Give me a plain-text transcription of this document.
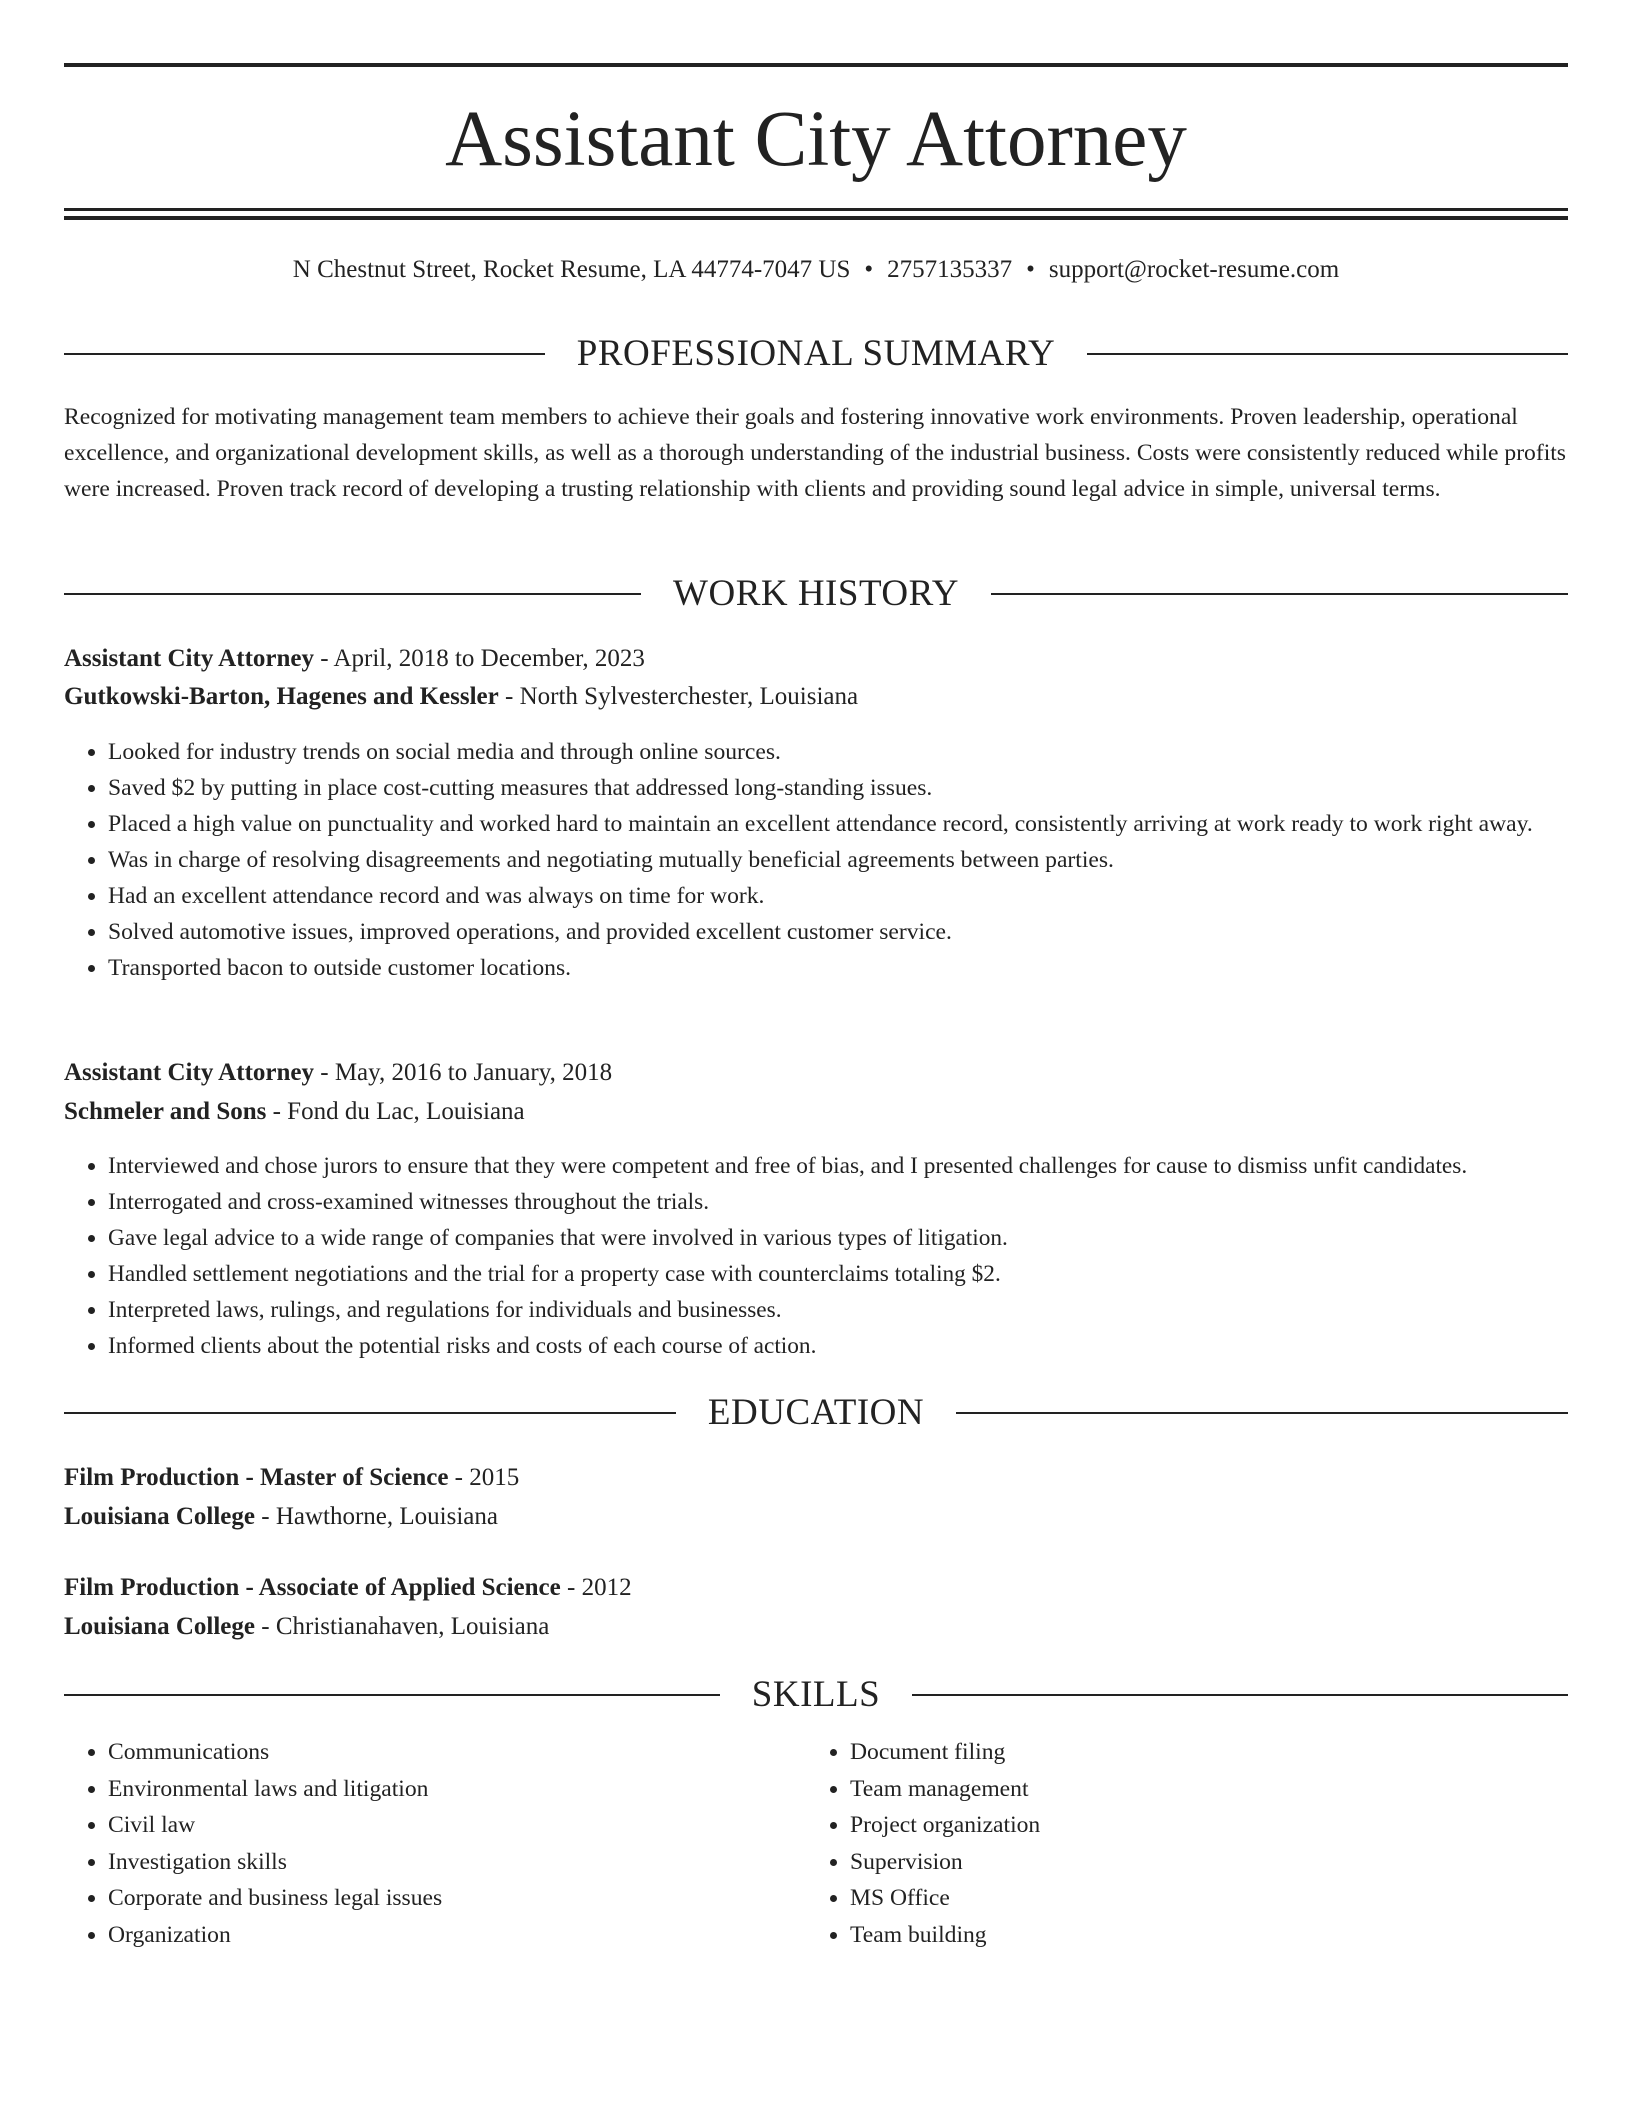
Assistant City Attorney
N Chestnut Street, Rocket Resume, LA 44774-7047 US • 2757135337 • support@rocket-resume.com
PROFESSIONAL SUMMARY

Recognized for motivating management team members to achieve their goals and fostering innovative work environments. Proven leadership, operational excellence, and organizational development skills, as well as a thorough understanding of the industrial business. Costs were consistently reduced while profits were increased. Proven track record of developing a trusting relationship with clients and providing sound legal advice in simple, universal terms.

WORK HISTORY
Assistant City Attorney - April, 2018 to December, 2023
Gutkowski-Barton, Hagenes and Kessler - North Sylvesterchester, Louisiana
• Looked for industry trends on social media and through online sources.
• Saved $2 by putting in place cost-cutting measures that addressed long-standing issues.
• Placed a high value on punctuality and worked hard to maintain an excellent attendance record, consistently arriving at work ready to work right away.
• Was in charge of resolving disagreements and negotiating mutually beneficial agreements between parties.
• Had an excellent attendance record and was always on time for work.
• Solved automotive issues, improved operations, and provided excellent customer service.
• Transported bacon to outside customer locations.
Assistant City Attorney - May, 2016 to January, 2018
Schmeler and Sons - Fond du Lac, Louisiana
• Interviewed and chose jurors to ensure that they were competent and free of bias, and I presented challenges for cause to dismiss unfit candidates.
• Interrogated and cross-examined witnesses throughout the trials.
• Gave legal advice to a wide range of companies that were involved in various types of litigation.
• Handled settlement negotiations and the trial for a property case with counterclaims totaling $2.
• Interpreted laws, rulings, and regulations for individuals and businesses.
• Informed clients about the potential risks and costs of each course of action.
EDUCATION
Film Production - Master of Science - 2015
Louisiana College - Hawthorne, Louisiana
Film Production - Associate of Applied Science - 2012
Louisiana College - Christianahaven, Louisiana
SKILLS
• Communications
• Environmental laws and litigation
• Civil law
• Investigation skills
• Corporate and business legal issues
• Organization
• Document filing
• Team management
• Project organization
• Supervision
• MS Office
• Team building
